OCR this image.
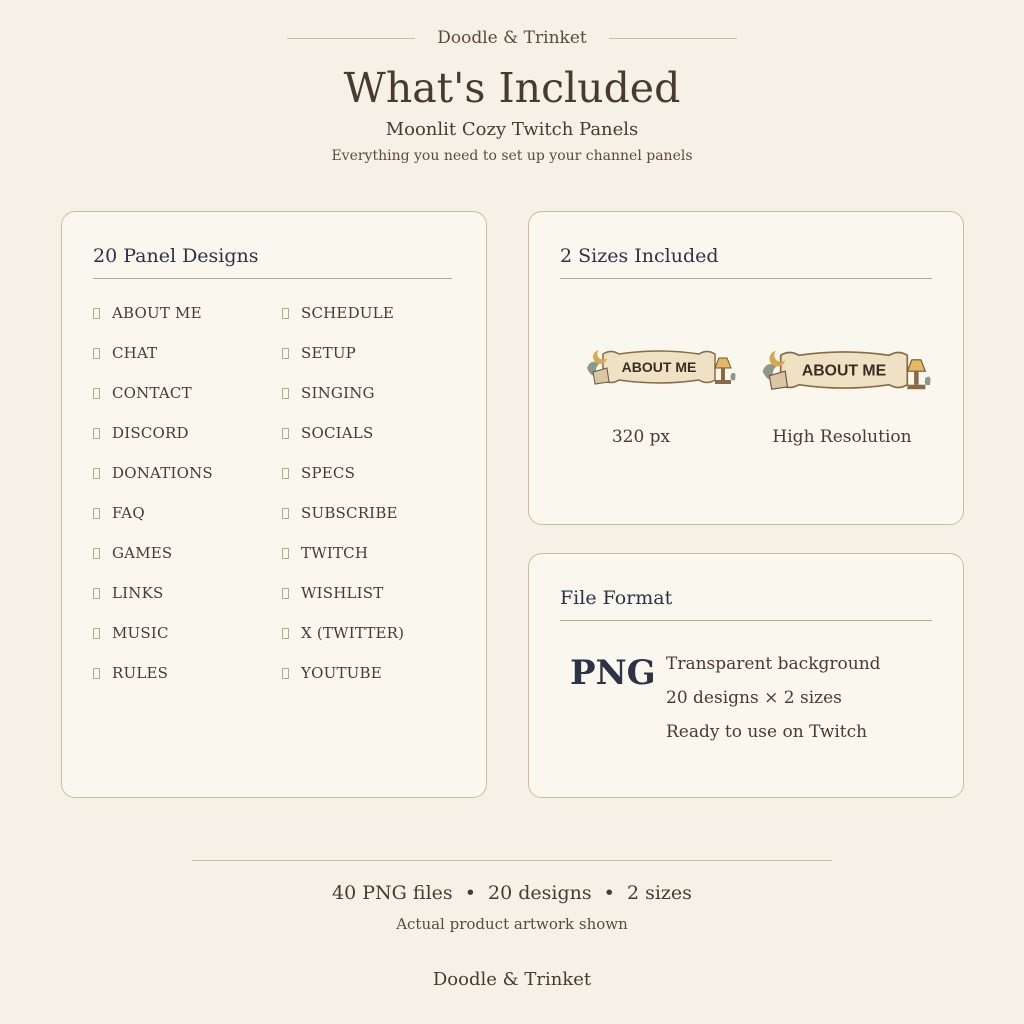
Doodle & Trinket
What's Included
Moonlit Cozy Twitch Panels
Everything you need to set up your channel panels
20 Panel Designs
ABOUT ME
CHAT
CONTACT
DISCORD
DONATIONS
FAQ
GAMES
LINKS
MUSIC
RULES
SCHEDULE
SETUP
SINGING
SOCIALS
SPECS
SUBSCRIBE
TWITCH
WISHLIST
X (TWITTER)
YOUTUBE
2 Sizes Included
ABOUT ME	ABOUT ME
320 px	High Resolution
File Format
PNG Transparent background
20 designs × 2 sizes
Ready to use on Twitch
40 PNG files  •  20 designs  •  2 sizes
Actual product artwork shown
Doodle & Trinket
